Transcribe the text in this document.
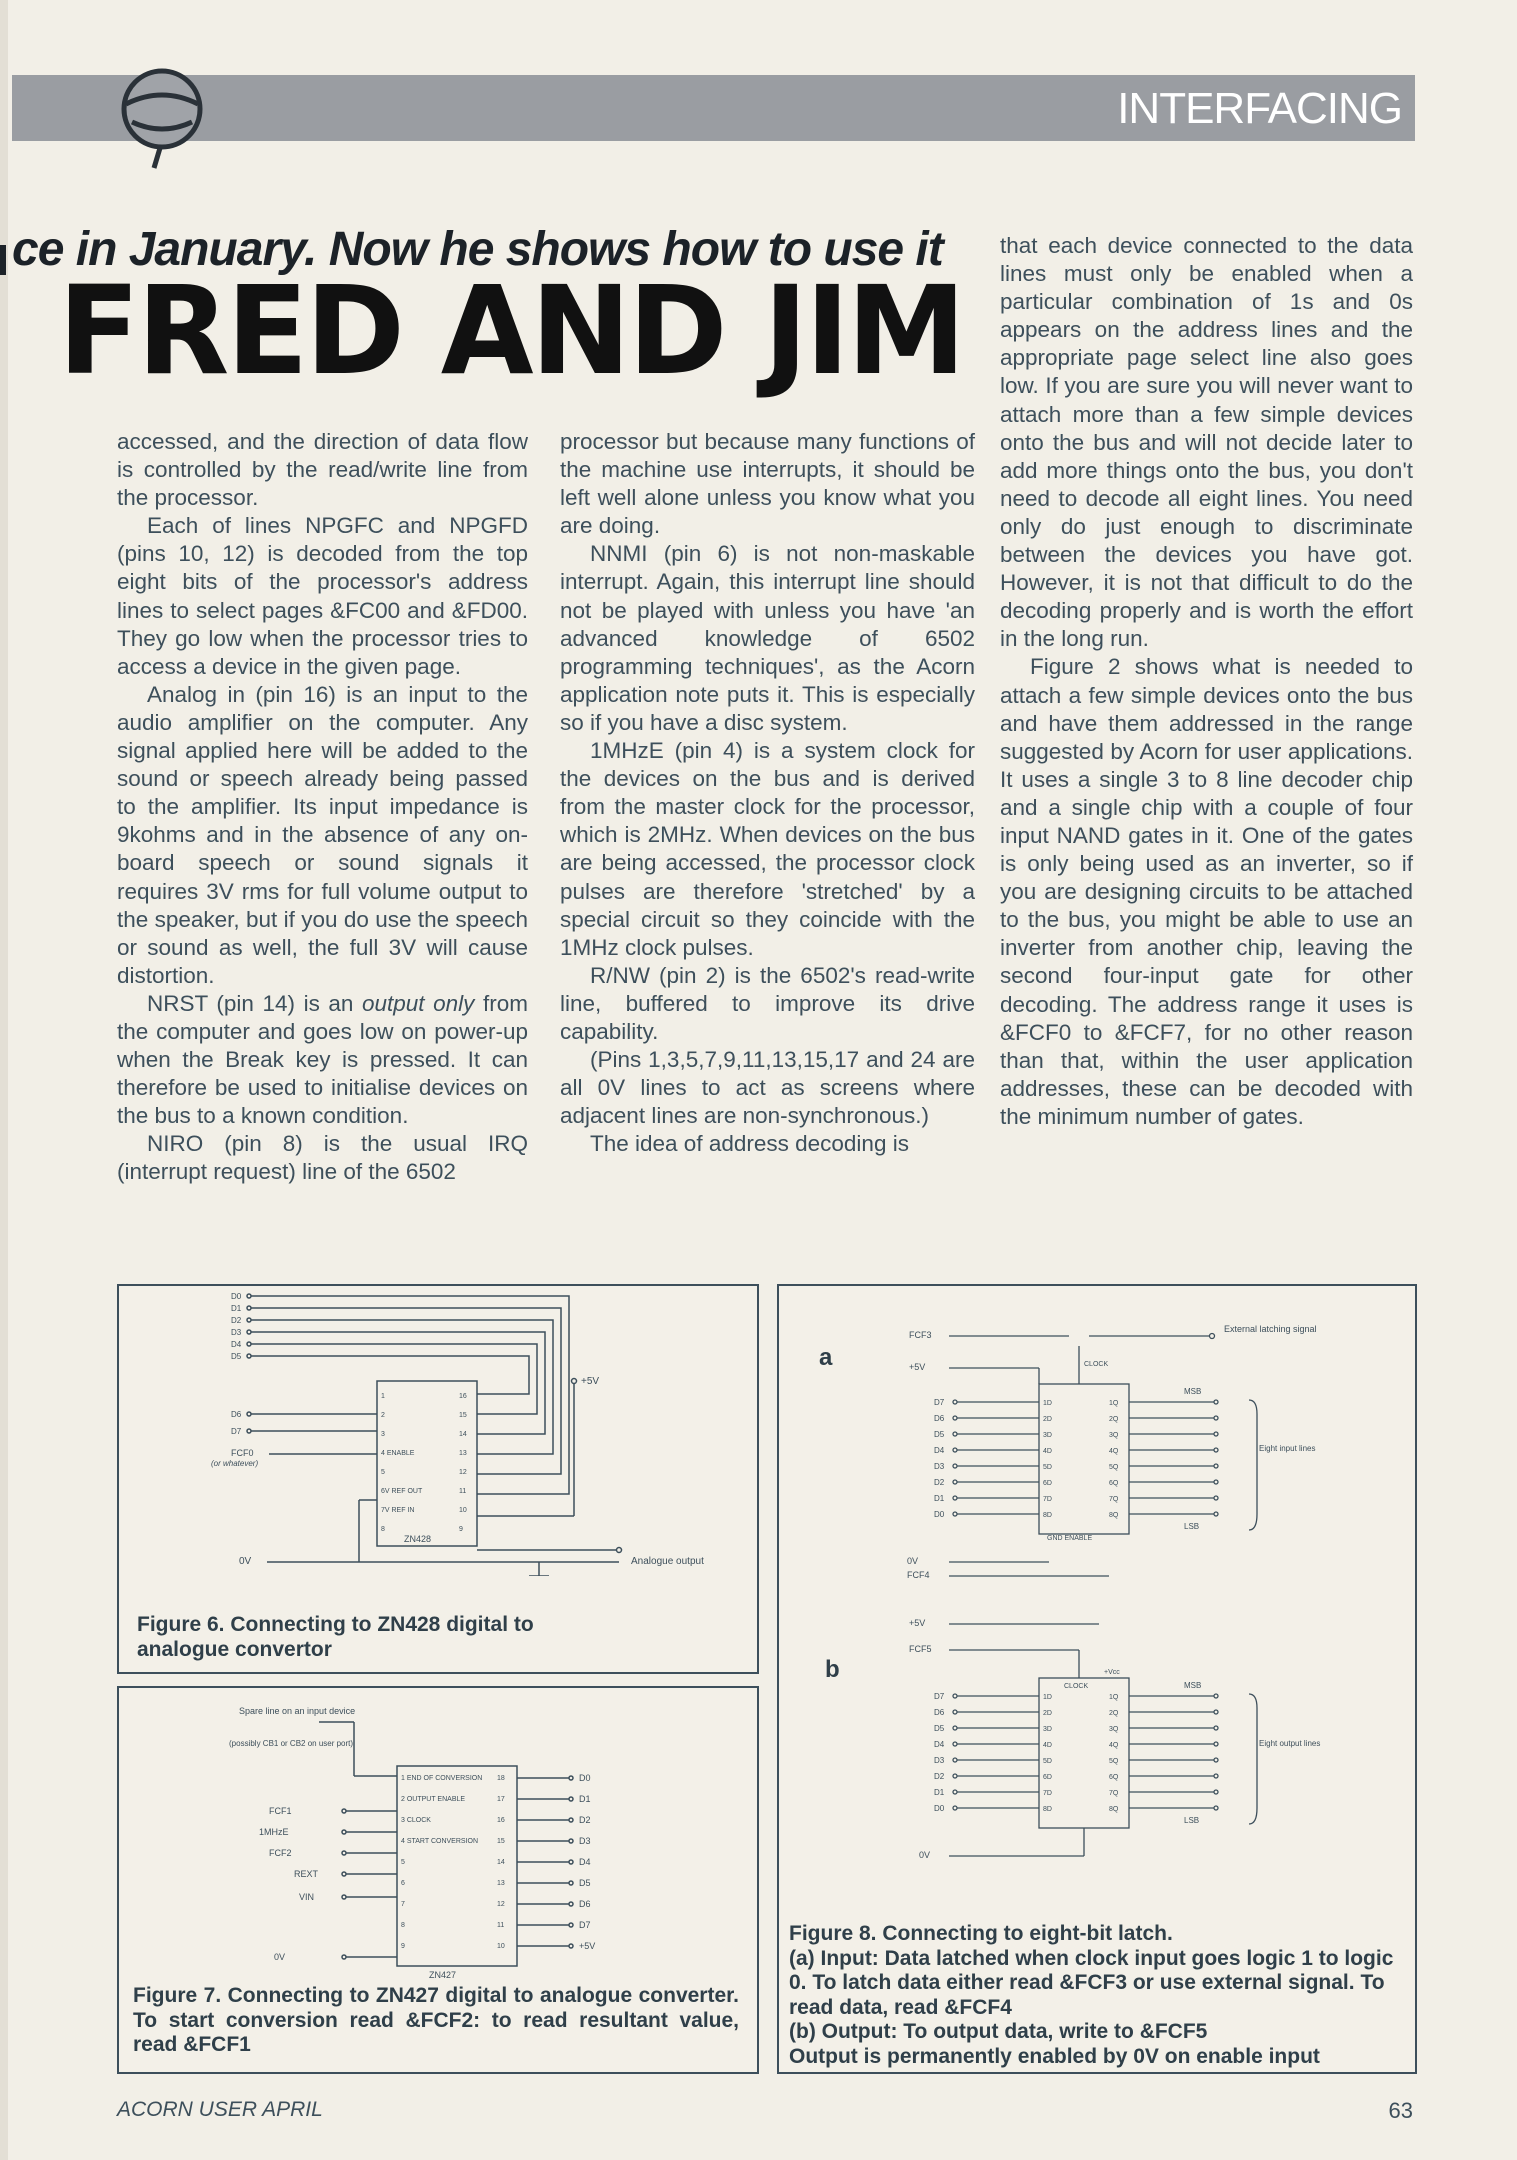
INTERFACING
ce in January. Now he shows how to use it
FRED AND JIM

accessed, and the direction of data flow is controlled by the read/write line from the processor.

Each of lines NPGFC and NPGFD (pins 10, 12) is decoded from the top eight bits of the processor's address lines to select pages &FC00 and &FD00. They go low when the processor tries to access a device in the given page.

Analog in (pin 16) is an input to the audio amplifier on the computer. Any signal applied here will be added to the sound or speech already being passed to the amplifier. Its input impedance is 9kohms and in the absence of any on-board speech or sound signals it requires 3V rms for full volume output to the speaker, but if you do use the speech or sound as well, the full 3V will cause distortion.

NRST (pin 14) is an output only from the computer and goes low on power-up when the Break key is pressed. It can therefore be used to initialise devices on the bus to a known condition.

NIRO (pin 8) is the usual IRQ (interrupt request) line of the 6502

processor but because many functions of the machine use interrupts, it should be left well alone unless you know what you are doing.

NNMI (pin 6) is not non-maskable interrupt. Again, this interrupt line should not be played with unless you have 'an advanced knowledge of 6502 programming techniques', as the Acorn application note puts it. This is especially so if you have a disc system.

1MHzE (pin 4) is a system clock for the devices on the bus and is derived from the master clock for the processor, which is 2MHz. When devices on the bus are being accessed, the processor clock pulses are therefore 'stretched' by a special circuit so they coincide with the 1MHz clock pulses.

R/NW (pin 2) is the 6502's read-write line, buffered to improve its drive capability.

(Pins 1,3,5,7,9,11,13,15,17 and 24 are all 0V lines to act as screens where adjacent lines are non-synchronous.)

The idea of address decoding is

that each device connected to the data lines must only be enabled when a particular combination of 1s and 0s appears on the address lines and the appropriate page select line also goes low. If you are sure you will never want to attach more than a few simple devices onto the bus and will not decide later to add more things onto the bus, you don't need to decode all eight lines. You need only do just enough to discriminate between the devices you have got. However, it is not that difficult to do the decoding properly and is worth the effort in the long run.

Figure 2 shows what is needed to attach a few simple devices onto the bus and have them addressed in the range suggested by Acorn for user applications. It uses a single 3 to 8 line decoder chip and a single chip with a couple of four input NAND gates in it. One of the gates is only being used as an inverter, so if you are designing circuits to be attached to the bus, you might be able to use an inverter from another chip, leaving the second four-input gate for other decoding. The address range it uses is &FCF0 to &FCF7, for no other reason than that, within the user application addresses, these can be decoded with the minimum number of gates.

D0
D1
D2
D3
D4
D5
D6
D7
1
2
3
4 ENABLE
5
6V REF OUT
7V REF IN
8
16
15
14
13
12
11
10
9
ZN428
+5V
FCF0
(or whatever)
0V	Analogue output
Figure 6. Connecting to ZN428 digital to analogue convertor
Spare line on an input device
(possibly CB1 or CB2 on user port)
FCF1
1MHzE
FCF2
REXT
VIN
0V
1 END OF CONVERSION
2 OUTPUT ENABLE
3 CLOCK
4 START CONVERSION
5
6
7
8
9
18
17
16
15
14
13
12
11
10
D0
D1
D2
D3
D4
D5
D6
D7
+5V
ZN427
Figure 7. Connecting to ZN427 digital to analogue converter. To start conversion read &FCF2: to read resultant value, read &FCF1
a
b
FCF3
External latching signal
+5V	CLOCK
D7	1D	1Q
D6	2D	2Q
D5	3D	3Q
D4	4D	4Q
D3	5D	5Q
D2	6D	6Q
D1	7D	7Q
D0	8D	8Q
GND ENABLE
MSB
LSB
Eight input lines
0V
FCF4
+5V
FCF5
+Vcc
CLOCK
D7	1D	1Q
D6	2D	2Q
D5	3D	3Q
D4	4D	4Q
D3	5D	5Q
D2	6D	6Q
D1	7D	7Q
D0	8D	8Q
MSB
LSB
Eight output lines
0V
Figure 8. Connecting to eight-bit latch.
(a) Input: Data latched when clock input goes logic 1 to logic 0. To latch data either read &FCF3 or use external signal. To read data, read &FCF4
(b) Output: To output data, write to &FCF5
Output is permanently enabled by 0V on enable input
ACORN USER APRIL	63
